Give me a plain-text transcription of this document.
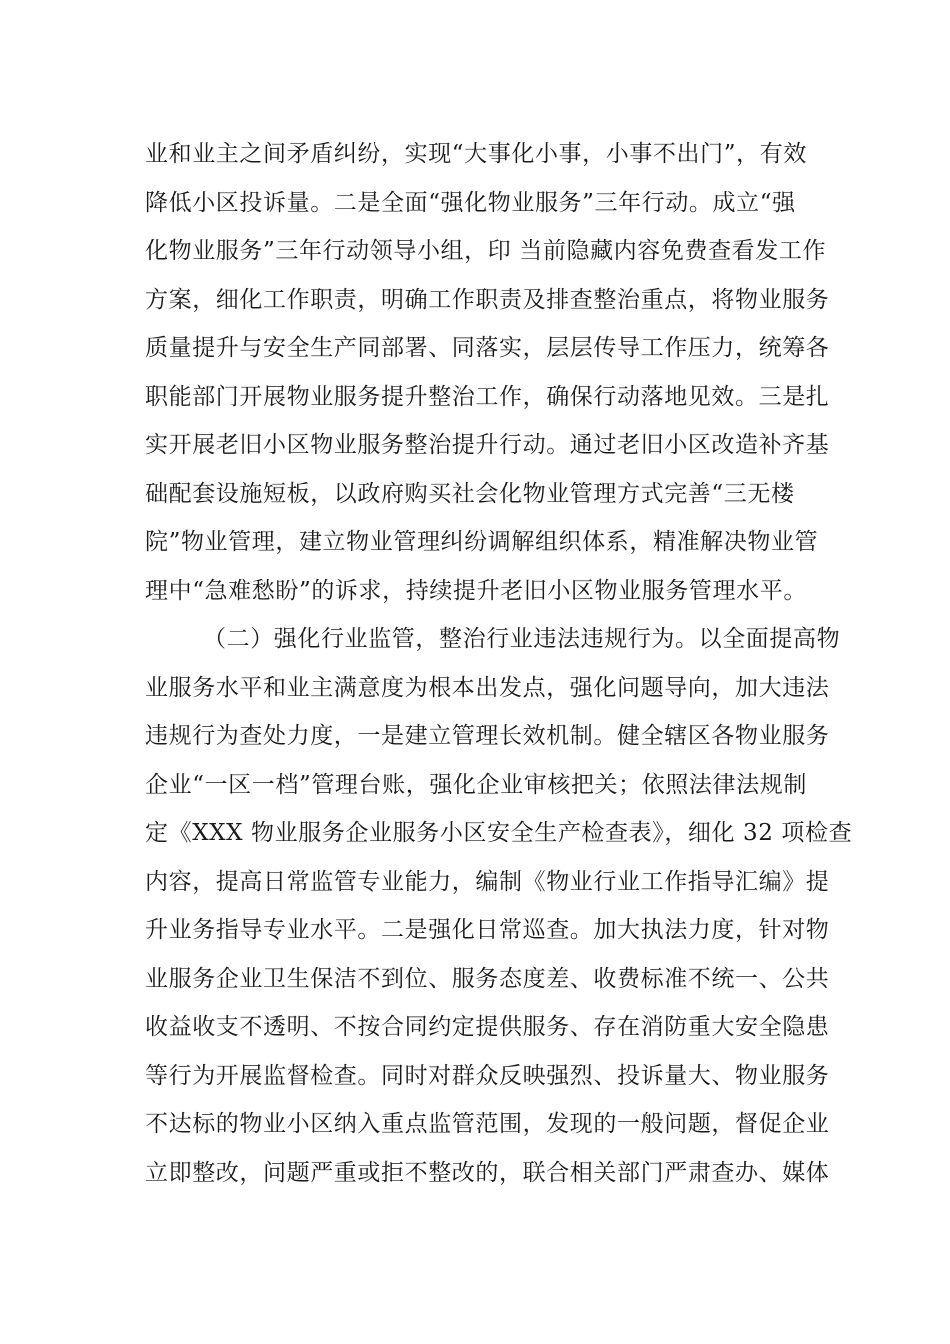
业和业主之间矛盾纠纷，实现“大事化小事，小事不出门”，有效
降低小区投诉量。二是全面“强化物业服务”三年行动。成立“强
化物业服务”三年行动领导小组，印 当前隐藏内容免费查看发工作
方案，细化工作职责，明确工作职责及排查整治重点，将物业服务
质量提升与安全生产同部署、同落实，层层传导工作压力，统筹各
职能部门开展物业服务提升整治工作，确保行动落地见效。三是扎
实开展老旧小区物业服务整治提升行动。通过老旧小区改造补齐基
础配套设施短板，以政府购买社会化物业管理方式完善“三无楼
院”物业管理，建立物业管理纠纷调解组织体系，精准解决物业管
理中“急难愁盼”的诉求，持续提升老旧小区物业服务管理水平。
（二）强化行业监管，整治行业违法违规行为。以全面提高物
业服务水平和业主满意度为根本出发点，强化问题导向，加大违法
违规行为查处力度，一是建立管理长效机制。健全辖区各物业服务
企业“一区一档”管理台账，强化企业审核把关；依照法律法规制
定《XXX 物业服务企业服务小区安全生产检查表》，细化 32 项检查
内容，提高日常监管专业能力，编制《物业行业工作指导汇编》提
升业务指导专业水平。二是强化日常巡查。加大执法力度，针对物
业服务企业卫生保洁不到位、服务态度差、收费标准不统一、公共
收益收支不透明、不按合同约定提供服务、存在消防重大安全隐患
等行为开展监督检查。同时对群众反映强烈、投诉量大、物业服务
不达标的物业小区纳入重点监管范围，发现的一般问题，督促企业
立即整改，问题严重或拒不整改的，联合相关部门严肃查办、媒体
